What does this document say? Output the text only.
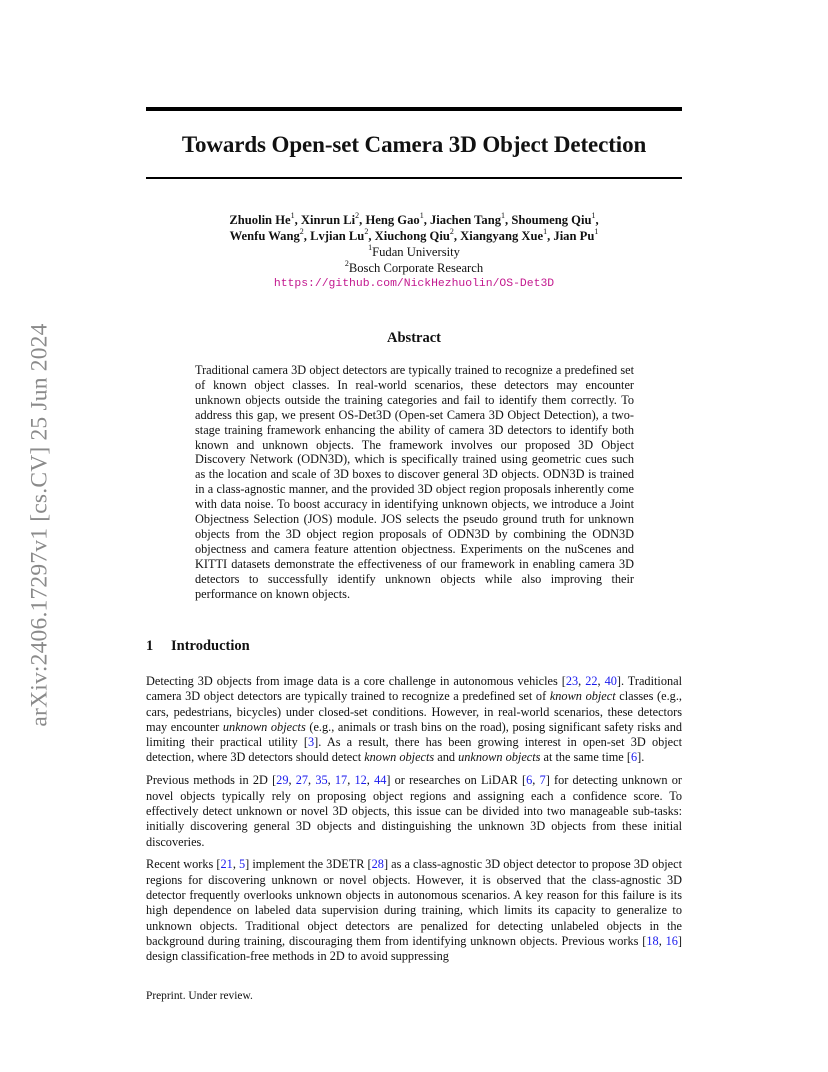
arXiv:2406.17297v1 [cs.CV] 25 Jun 2024
Towards Open-set Camera 3D Object Detection
Zhuolin He$^1$, Xinrun Li$^2$, Heng Gao$^1$, Jiachen Tang$^1$, Shoumeng Qiu$^1$,
Wenfu Wang$^2$, Lvjian Lu$^2$, Xiuchong Qiu$^2$, Xiangyang Xue$^1$, Jian Pu$^1$
$^1$Fudan University
$^2$Bosch Corporate Research
https://github.com/NickHezhuolin/OS-Det3D
Abstract
Traditional camera 3D object detectors are typically trained to recognize a predefined set of known object classes. In real-world scenarios, these detectors may encounter unknown objects outside the training categories and fail to identify them correctly. To address this gap, we present OS-Det3D (Open-set Camera 3D Object Detection), a two-stage training framework enhancing the ability of camera 3D detectors to identify both known and unknown objects. The framework involves our proposed 3D Object Discovery Network (ODN3D), which is specifically trained using geometric cues such as the location and scale of 3D boxes to discover general 3D objects. ODN3D is trained in a class-agnostic manner, and the provided 3D object region proposals inherently come with data noise. To boost accuracy in identifying unknown objects, we introduce a Joint Objectness Selection (JOS) module. JOS selects the pseudo ground truth for unknown objects from the 3D object region proposals of ODN3D by combining the ODN3D objectness and camera feature attention objectness. Experiments on the nuScenes and KITTI datasets demonstrate the effectiveness of our framework in enabling camera 3D detectors to successfully identify unknown objects while also improving their performance on known objects.
1 Introduction

Detecting 3D objects from image data is a core challenge in autonomous vehicles [23, 22, 40]. Traditional camera 3D object detectors are typically trained to recognize a predefined set of known object classes (e.g., cars, pedestrians, bicycles) under closed-set conditions. However, in real-world scenarios, these detectors may encounter unknown objects (e.g., animals or trash bins on the road), posing significant safety risks and limiting their practical utility [3]. As a result, there has been growing interest in open-set 3D object detection, where 3D detectors should detect known objects and unknown objects at the same time [6].

Previous methods in 2D [29, 27, 35, 17, 12, 44] or researches on LiDAR [6, 7] for detecting unknown or novel objects typically rely on proposing object regions and assigning each a confidence score. To effectively detect unknown or novel 3D objects, this issue can be divided into two manageable sub-tasks: initially discovering general 3D objects and distinguishing the unknown 3D objects from these initial discoveries.

Recent works [21, 5] implement the 3DETR [28] as a class-agnostic 3D object detector to propose 3D object regions for discovering unknown or novel objects. However, it is observed that the class-agnostic 3D detector frequently overlooks unknown objects in autonomous scenarios. A key reason for this failure is its high dependence on labeled data supervision during training, which limits its capacity to generalize to unknown objects. Traditional object detectors are penalized for detecting unlabeled objects in the background during training, discouraging them from identifying unknown objects. Previous works [18, 16] design classification-free methods in 2D to avoid suppressing

Preprint. Under review.
